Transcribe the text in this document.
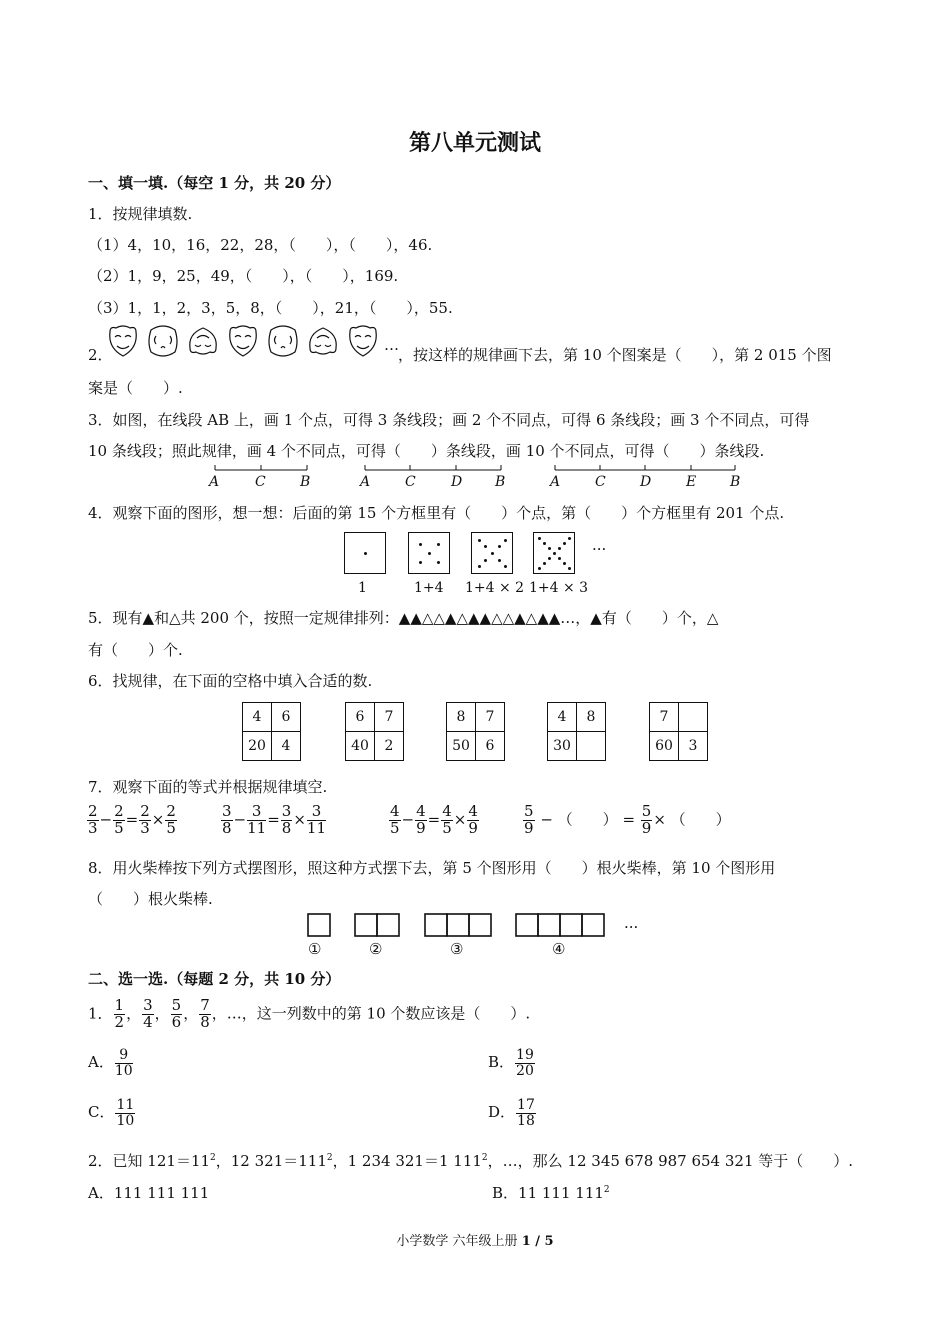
第八单元测试
一、填一填.（每空 1 分，共 20 分）
1．按规律填数.
（1）4，10，16，22，28，（　　），（　　），46.
（2）1，9，25，49，（　　），（　　），169.
（3）1，1，2，3，5，8，（　　），21，（　　），55.
2．
…
，按这样的规律画下去，第 10 个图案是（　　），第 2 015 个图
案是（　　）.
3．如图，在线段 AB 上，画 1 个点，可得 3 条线段；画 2 个不同点，可得 6 条线段；画 3 个不同点，可得
10 条线段；照此规律，画 4 个不同点，可得（　　）条线段，画 10 个不同点，可得（　　）条线段.
A	C B	A C	D B	A C D E B
4．观察下面的图形，想一想：后面的第 15 个方框里有（　　）个点，第（　　）个方框里有 201 个点.
···
1	1+4 1+4 × 2 1+4 × 3
5．现有▲和△共 200 个，按照一定规律排列：▲▲△△▲△▲▲△△▲△▲▲…，▲有（　　）个，△
有（　　）个.
6．找规律，在下面的空格中填入合适的数.
4	6
20	4
6	7
40	2
8	7
50	6
4	8
30	
7	
60	3
7．观察下面的等式并根据规律填空.
$\frac{2}{3} - \frac{2}{5} = \frac{2}{3} \times \frac{2}{5}$	$\frac{3}{8} - \frac{3}{11} = \frac{3}{8} \times \frac{3}{11}$	$\frac{4}{5} - \frac{4}{9} = \frac{4}{5} \times \frac{4}{9}$	$\frac{5}{9}$ − （　　） = $\frac{5}{9}$ × （　　）
8．用火柴棒按下列方式摆图形，照这种方式摆下去，第 5 个图形用（　　）根火柴棒，第 10 个图形用
（　　）根火柴棒.
···
①	②	③	④
二、选一选.（每题 2 分，共 10 分）
1． $\frac{1}{2}$ ， $\frac{3}{4}$ ， $\frac{5}{6}$ ， $\frac{7}{8}$ ，…，这一列数中的第 10 个数应该是（　　）.
A． $\frac{9}{10}$	B． $\frac{19}{20}$
C． $\frac{11}{10}$	D． $\frac{17}{18}$
2．已知 $121=11^2$，12 $321=111^2$，1 234 321＝1 $111^2$，…，那么 12 345 678 987 654 321 等于（　　）.
A．111 111 111	B．11 111 $111^2$
小学数学 六年级上册 1 / 5
